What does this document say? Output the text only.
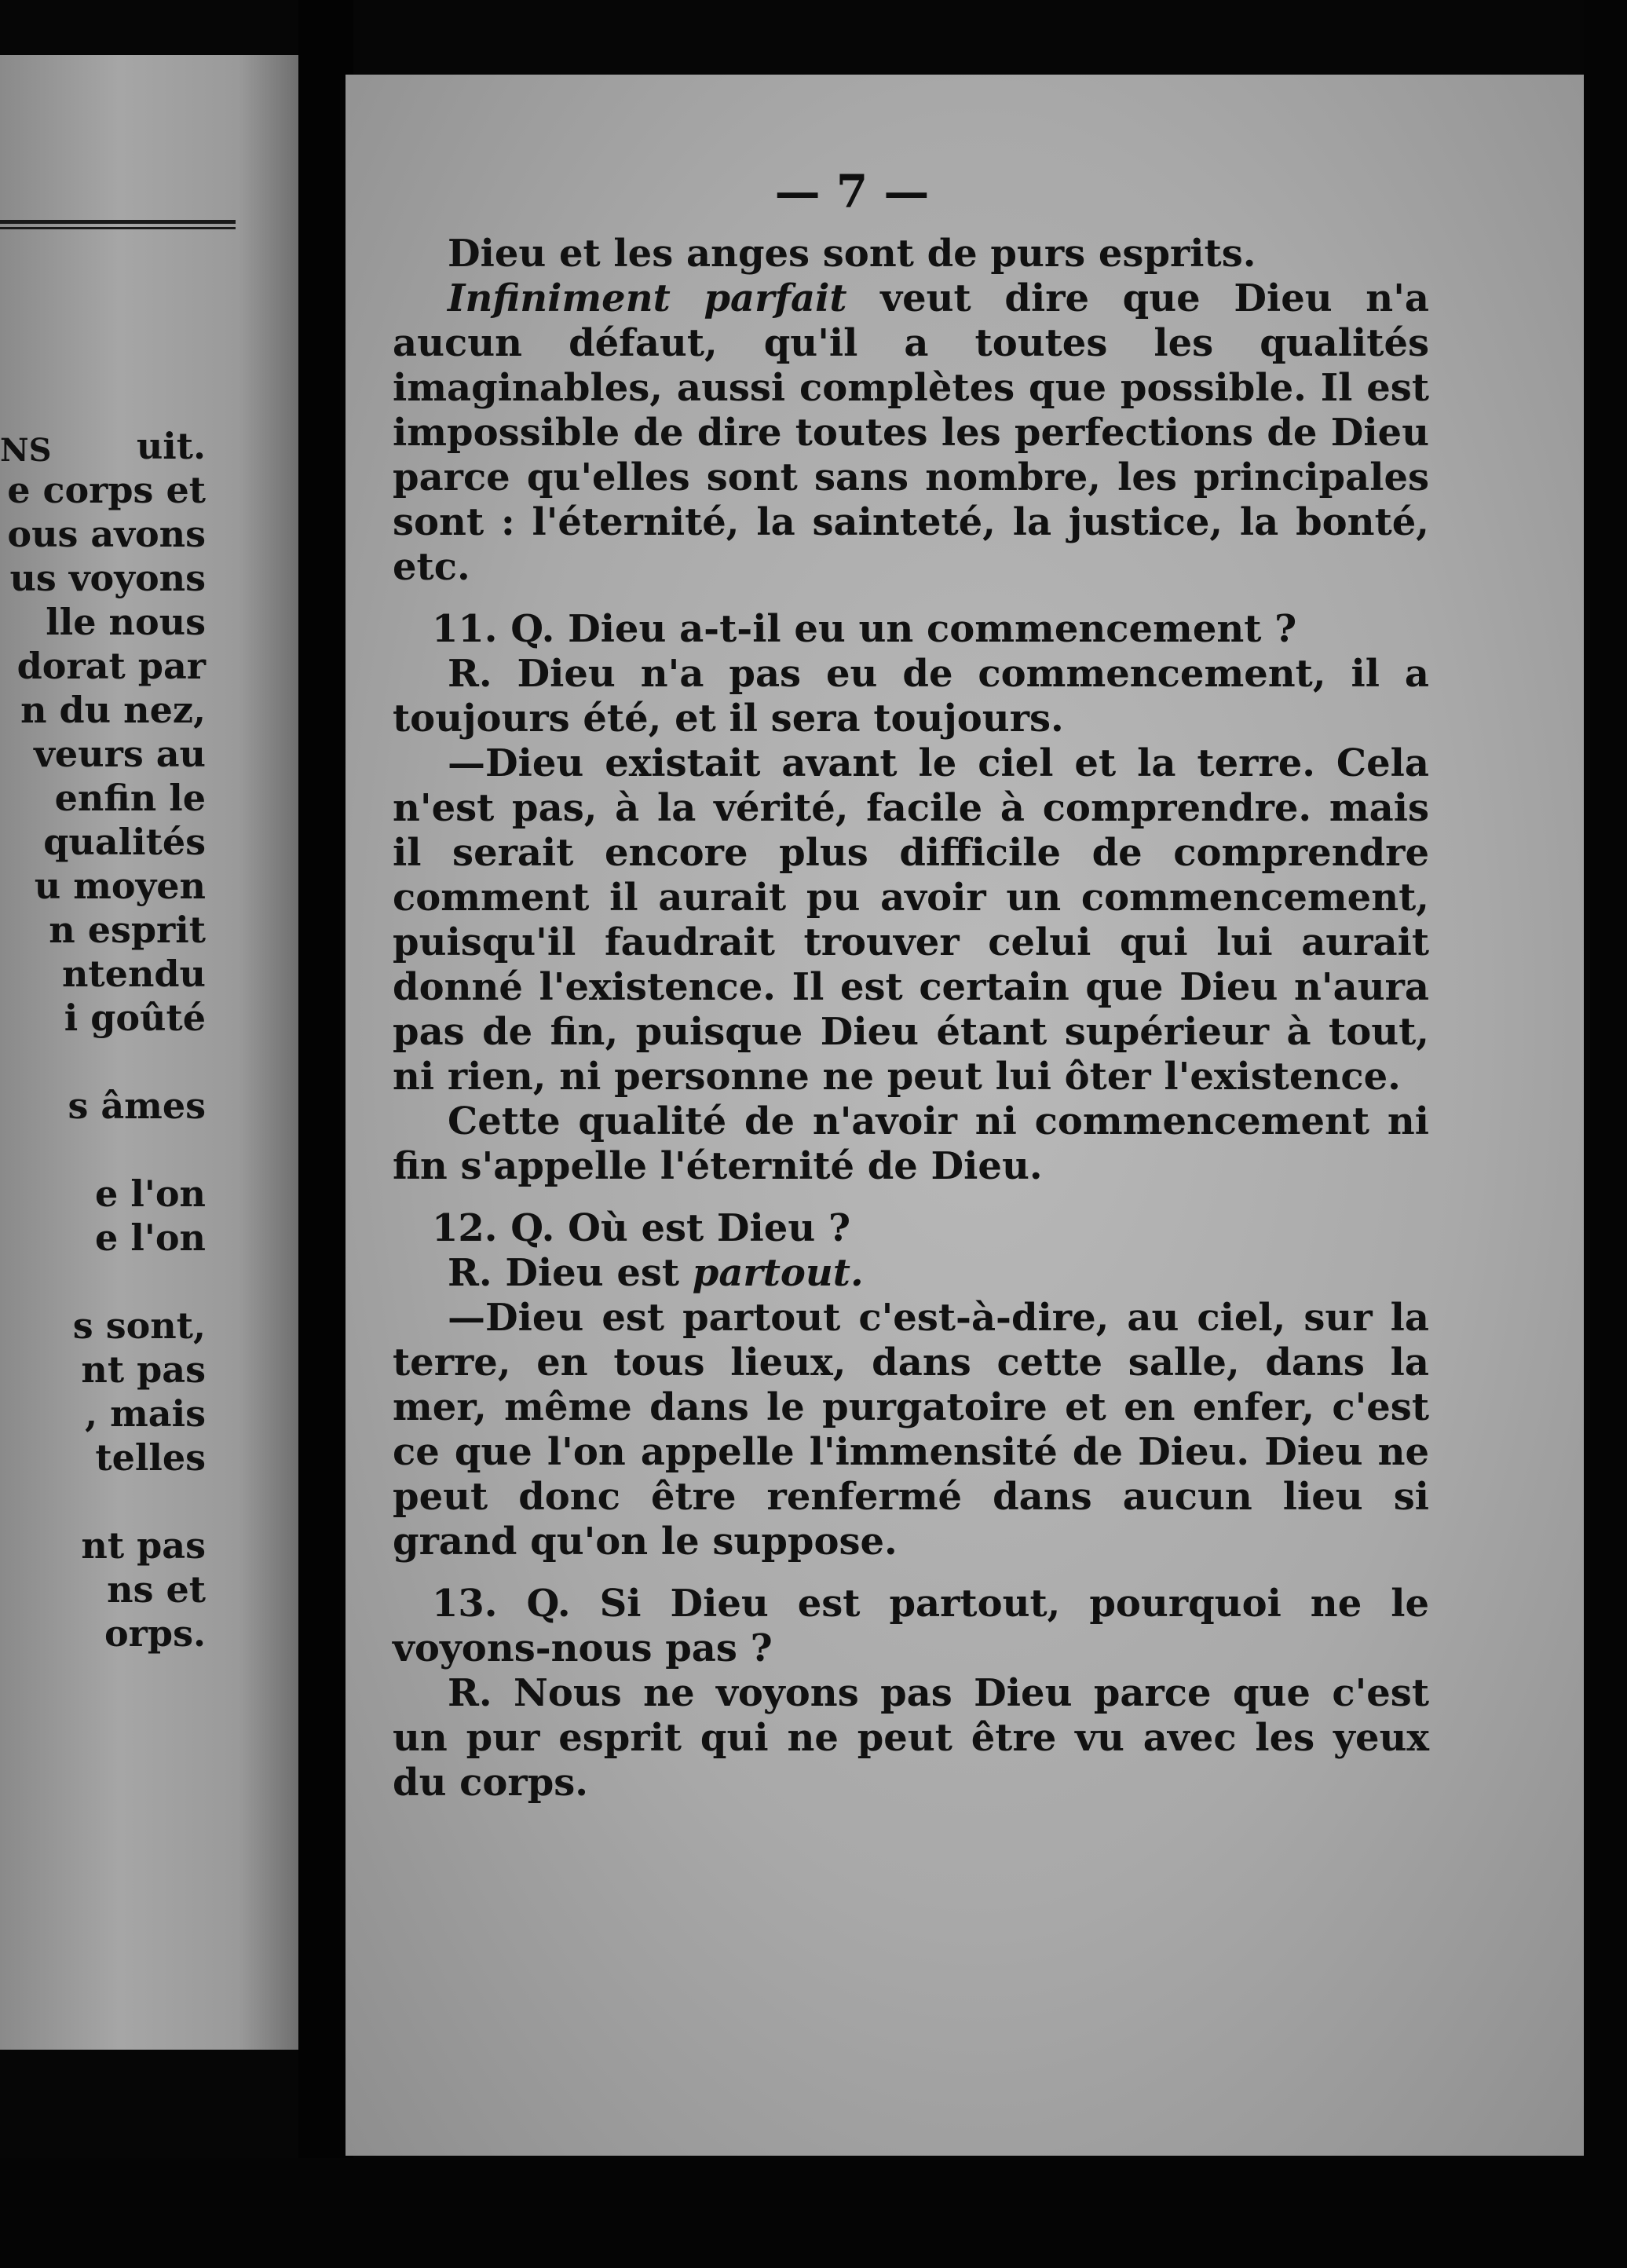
NS	uit.
e corps et
ous avons
us voyons
lle nous
dorat par
n du nez,
veurs au
enfin le
qualités
u moyen
n esprit
ntendu
i goûté
s âmes
e l'on
e l'on
s sont,
nt pas
, mais
telles
nt pas
ns et
orps.
— 7 —

Dieu et les anges sont de purs esprits.

Infiniment parfait veut dire que Dieu n'a aucun défaut, qu'il a toutes les qualités imaginables, aussi complètes que possible. Il est impossible de dire toutes les perfections de Dieu parce qu'elles sont sans nombre, les principales sont : l'éternité, la sainteté, la justice, la bonté, etc.

11. Q. Dieu a-t-il eu un commencement ?

R. Dieu n'a pas eu de commencement, il a toujours été, et il sera toujours.

—Dieu existait avant le ciel et la terre. Cela n'est pas, à la vérité, facile à comprendre. mais il serait encore plus difficile de comprendre comment il aurait pu avoir un commencement, puisqu'il faudrait trouver celui qui lui aurait donné l'existence. Il est certain que Dieu n'aura pas de fin, puisque Dieu étant supérieur à tout, ni rien, ni personne ne peut lui ôter l'existence.

Cette qualité de n'avoir ni commencement ni fin s'appelle l'éternité de Dieu.

12. Q. Où est Dieu ?

R. Dieu est partout.

—Dieu est partout c'est-à-dire, au ciel, sur la terre, en tous lieux, dans cette salle, dans la mer, même dans le purgatoire et en enfer, c'est ce que l'on appelle l'immensité de Dieu. Dieu ne peut donc être renfermé dans aucun lieu si grand qu'on le suppose.

13. Q. Si Dieu est partout, pourquoi ne le voyons-nous pas ?

R. Nous ne voyons pas Dieu parce que c'est un pur esprit qui ne peut être vu avec les yeux du corps.
